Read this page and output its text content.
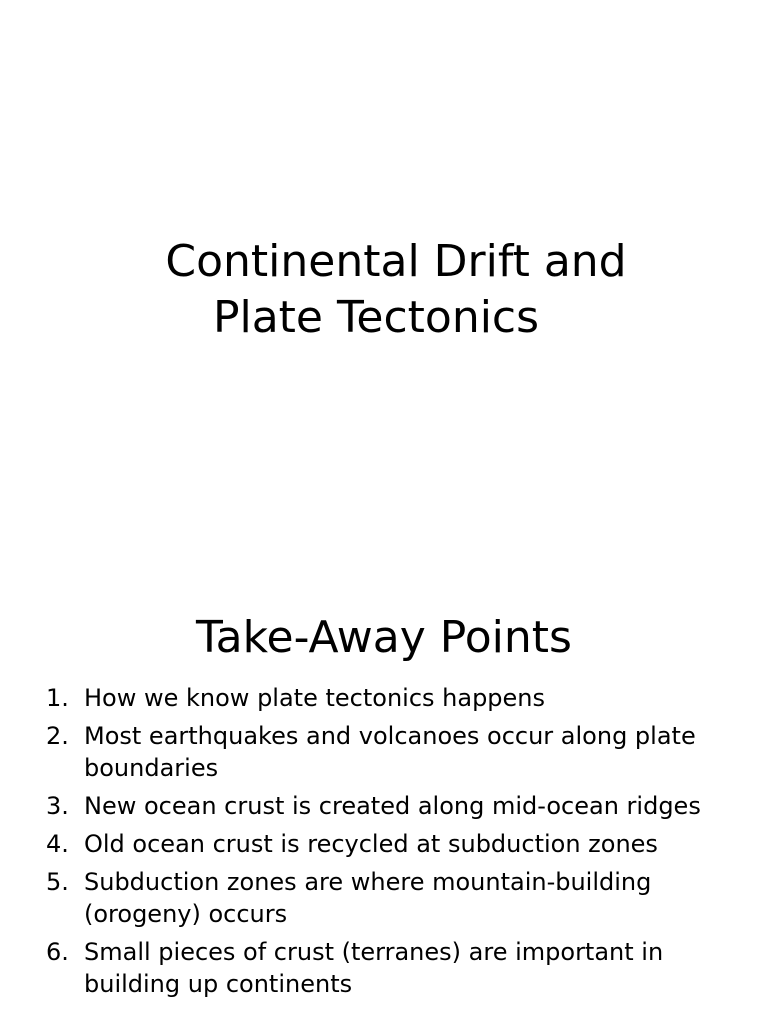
Continental Drift and
Plate Tectonics
Take-Away Points
1. How we know plate tectonics happens
2. Most earthquakes and volcanoes occur along plate boundaries
3. New ocean crust is created along mid-ocean ridges
4. Old ocean crust is recycled at subduction zones
5. Subduction zones are where mountain-building (orogeny) occurs
6. Small pieces of crust (terranes) are important in building up continents
